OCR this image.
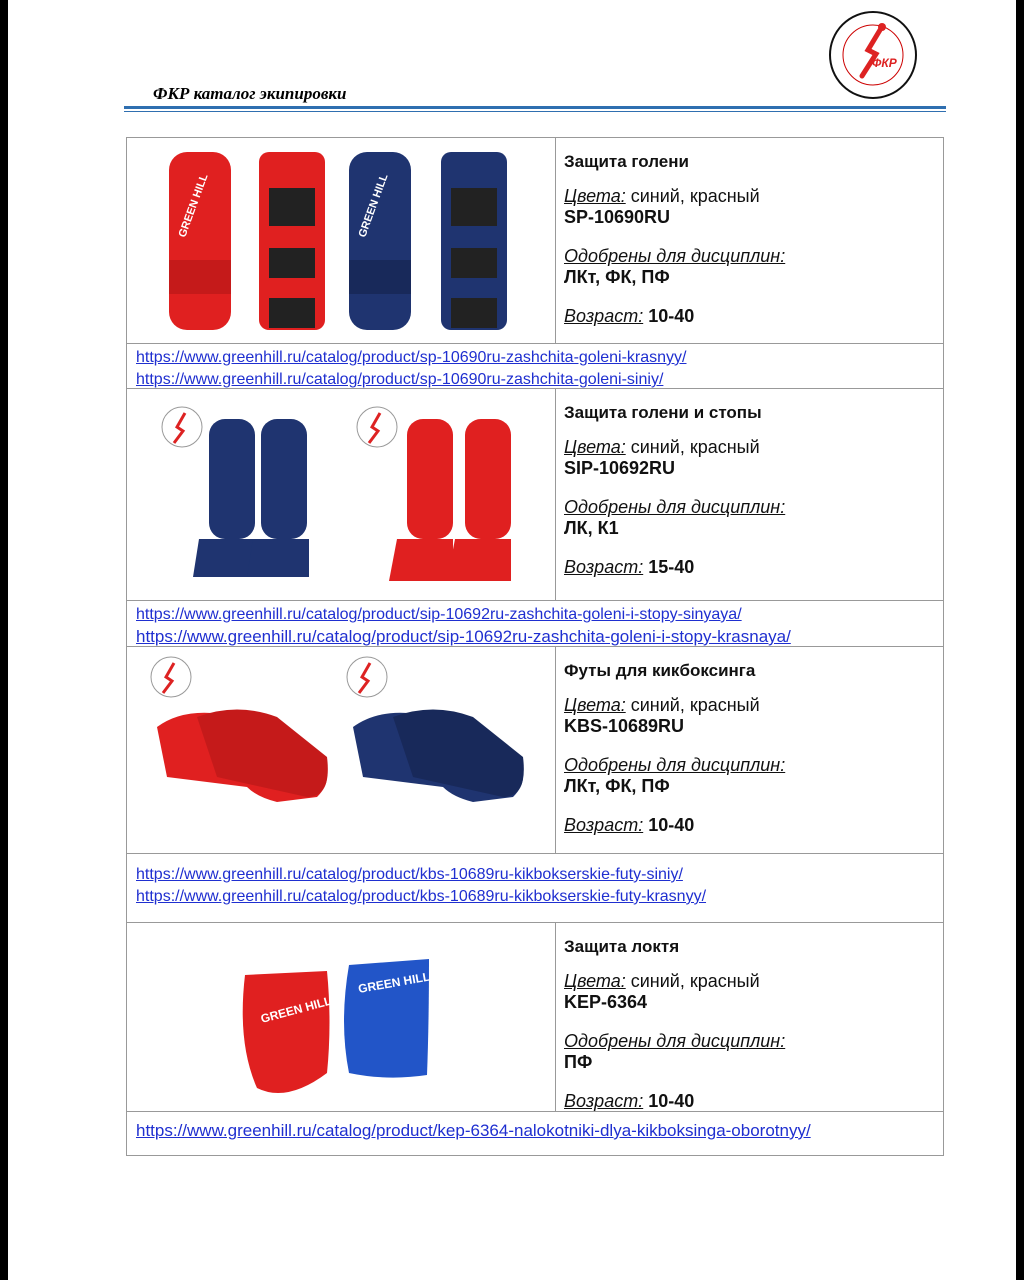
ФКР
ФКР каталог экипировки
GREEN HILL	GREEN HILL
Защита голени
Цвета: синий, красный
SP-10690RU
Одобрены для дисциплин:
ЛКт, ФК, ПФ
Возраст: 10-40
https://www.greenhill.ru/catalog/product/sp-10690ru-zashchita-goleni-krasnyy/
https://www.greenhill.ru/catalog/product/sp-10690ru-zashchita-goleni-siniy/
Защита голени и стопы
Цвета: синий, красный
SIP-10692RU
Одобрены для дисциплин:
ЛК, К1
Возраст: 15-40
https://www.greenhill.ru/catalog/product/sip-10692ru-zashchita-goleni-i-stopy-sinyaya/
https://www.greenhill.ru/catalog/product/sip-10692ru-zashchita-goleni-i-stopy-krasnaya/
Футы для кикбоксинга
Цвета: синий, красный
KBS-10689RU
Одобрены для дисциплин:
ЛКт, ФК, ПФ
Возраст: 10-40
https://www.greenhill.ru/catalog/product/kbs-10689ru-kikbokserskie-futy-siniy/
https://www.greenhill.ru/catalog/product/kbs-10689ru-kikbokserskie-futy-krasnyy/
GREEN HILL
GREEN HILL
Защита локтя
Цвета: синий, красный
KEP-6364
Одобрены для дисциплин:
ПФ
Возраст: 10-40
https://www.greenhill.ru/catalog/product/kep-6364-nalokotniki-dlya-kikboksinga-oborotnyy/
